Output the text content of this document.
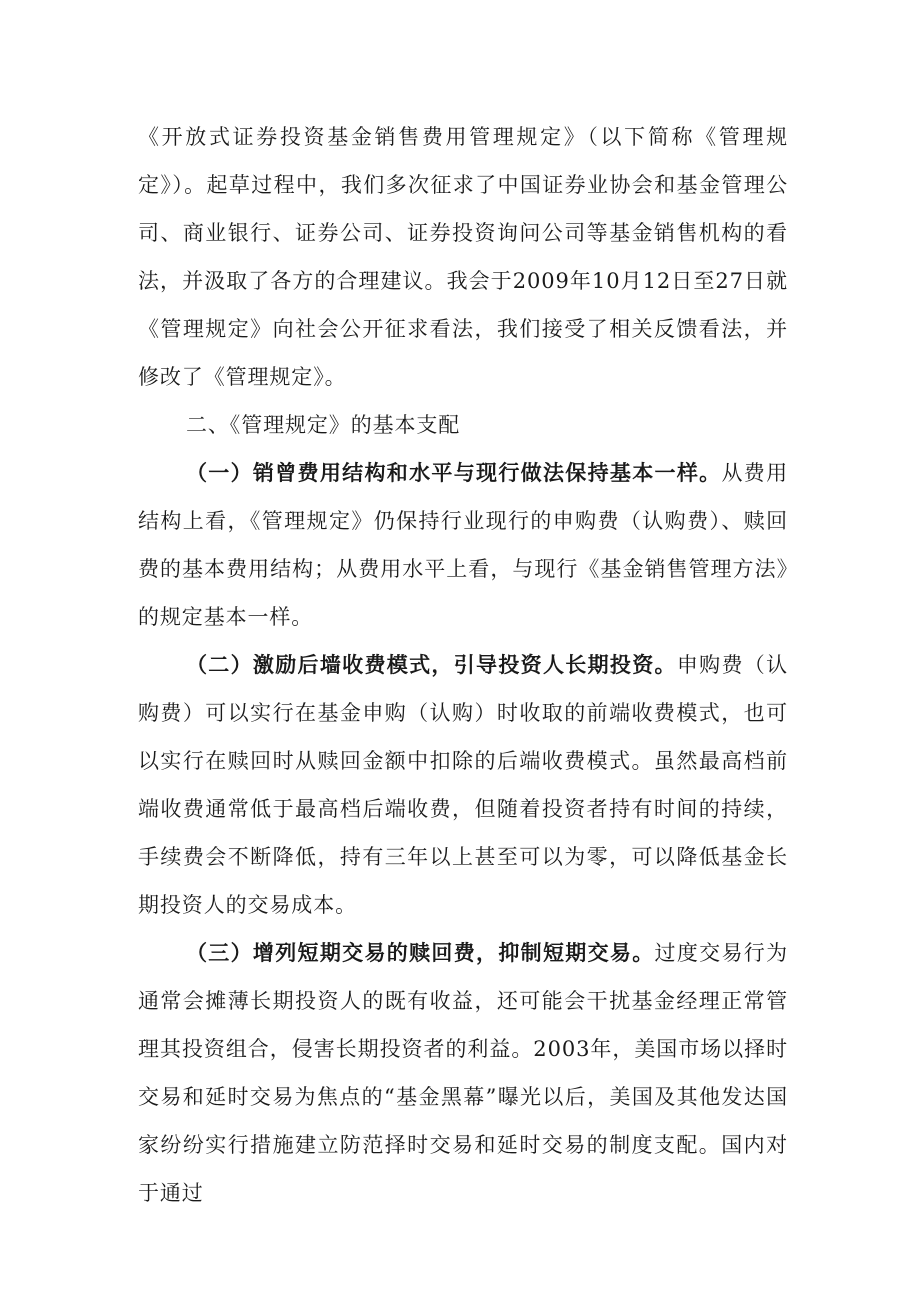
《开放式证券投资基金销售费用管理规定》（以下简称《管理规定》）。起草过程中，我们多次征求了中国证券业协会和基金管理公司、商业银行、证券公司、证券投资询问公司等基金销售机构的看法，并汲取了各方的合理建议。我会于2009年10月12日至27日就《管理规定》向社会公开征求看法，我们接受了相关反馈看法，并修改了《管理规定》。

二、《管理规定》的基本支配

（一）销曾费用结构和水平与现行做法保持基本一样。从费用结构上看，《管理规定》仍保持行业现行的申购费（认购费）、赎回费的基本费用结构；从费用水平上看，与现行《基金销售管理方法》的规定基本一样。

（二）激励后墙收费模式，引导投资人长期投资。申购费（认购费）可以实行在基金申购（认购）时收取的前端收费模式，也可以实行在赎回时从赎回金额中扣除的后端收费模式。虽然最高档前端收费通常低于最高档后端收费，但随着投资者持有时间的持续，手续费会不断降低，持有三年以上甚至可以为零，可以降低基金长期投资人的交易成本。

（三）增列短期交易的赎回费，抑制短期交易。过度交易行为通常会摊薄长期投资人的既有收益，还可能会干扰基金经理正常管理其投资组合，侵害长期投资者的利益。2003年，美国市场以择时交易和延时交易为焦点的“基金黑幕”曝光以后，美国及其他发达国家纷纷实行措施建立防范择时交易和延时交易的制度支配。国内对于通过
